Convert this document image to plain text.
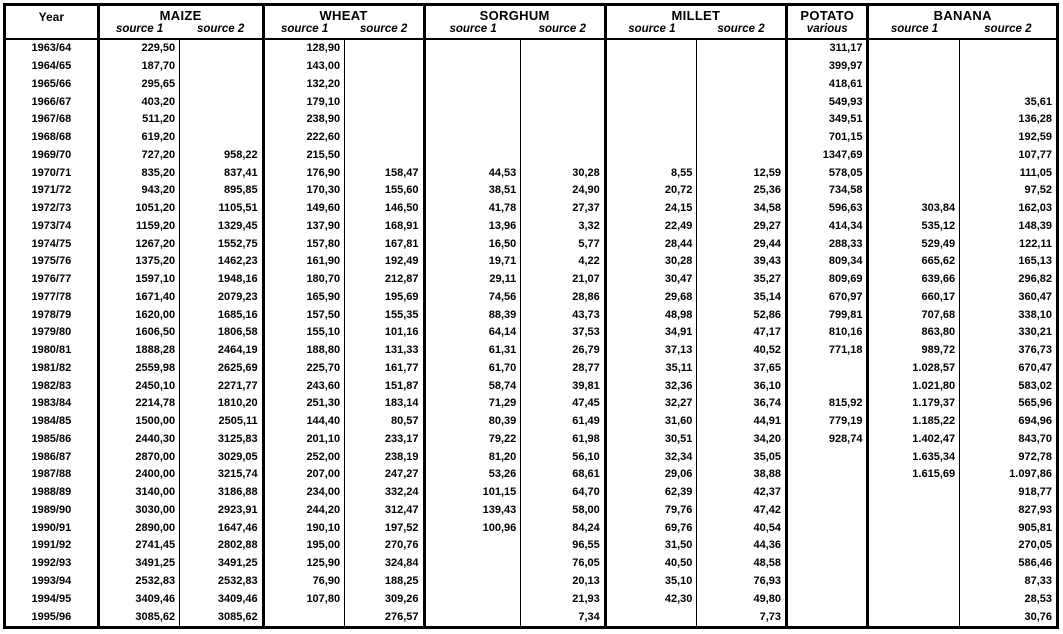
Year	MAIZE		WHEAT		SORGHUM		MILLET		POTATO	BANANA	
	source 1	source 2	source 1	source 2	source 1	source 2	source 1	source 2	various	source 1	source 2
1963/64	229,50		128,90						311,17		
1964/65	187,70		143,00						399,97		
1965/66	295,65		132,20						418,61		
1966/67	403,20		179,10						549,93		35,61
1967/68	511,20		238,90						349,51		136,28
1968/68	619,20		222,60						701,15		192,59
1969/70	727,20	958,22	215,50						1347,69		107,77
1970/71	835,20	837,41	176,90	158,47	44,53	30,28	8,55	12,59	578,05		111,05
1971/72	943,20	895,85	170,30	155,60	38,51	24,90	20,72	25,36	734,58		97,52
1972/73	1051,20	1105,51	149,60	146,50	41,78	27,37	24,15	34,58	596,63	303,84	162,03
1973/74	1159,20	1329,45	137,90	168,91	13,96	3,32	22,49	29,27	414,34	535,12	148,39
1974/75	1267,20	1552,75	157,80	167,81	16,50	5,77	28,44	29,44	288,33	529,49	122,11
1975/76	1375,20	1462,23	161,90	192,49	19,71	4,22	30,28	39,43	809,34	665,62	165,13
1976/77	1597,10	1948,16	180,70	212,87	29,11	21,07	30,47	35,27	809,69	639,66	296,82
1977/78	1671,40	2079,23	165,90	195,69	74,56	28,86	29,68	35,14	670,97	660,17	360,47
1978/79	1620,00	1685,16	157,50	155,35	88,39	43,73	48,98	52,86	799,81	707,68	338,10
1979/80	1606,50	1806,58	155,10	101,16	64,14	37,53	34,91	47,17	810,16	863,80	330,21
1980/81	1888,28	2464,19	188,80	131,33	61,31	26,79	37,13	40,52	771,18	989,72	376,73
1981/82	2559,98	2625,69	225,70	161,77	61,70	28,77	35,11	37,65		1.028,57	670,47
1982/83	2450,10	2271,77	243,60	151,87	58,74	39,81	32,36	36,10		1.021,80	583,02
1983/84	2214,78	1810,20	251,30	183,14	71,29	47,45	32,27	36,74	815,92	1.179,37	565,96
1984/85	1500,00	2505,11	144,40	80,57	80,39	61,49	31,60	44,91	779,19	1.185,22	694,96
1985/86	2440,30	3125,83	201,10	233,17	79,22	61,98	30,51	34,20	928,74	1.402,47	843,70
1986/87	2870,00	3029,05	252,00	238,19	81,20	56,10	32,34	35,05		1.635,34	972,78
1987/88	2400,00	3215,74	207,00	247,27	53,26	68,61	29,06	38,88		1.615,69	1.097,86
1988/89	3140,00	3186,88	234,00	332,24	101,15	64,70	62,39	42,37			918,77
1989/90	3030,00	2923,91	244,20	312,47	139,43	58,00	79,76	47,42			827,93
1990/91	2890,00	1647,46	190,10	197,52	100,96	84,24	69,76	40,54			905,81
1991/92	2741,45	2802,88	195,00	270,76		96,55	31,50	44,36			270,05
1992/93	3491,25	3491,25	125,90	324,84		76,05	40,50	48,58			586,46
1993/94	2532,83	2532,83	76,90	188,25		20,13	35,10	76,93			87,33
1994/95	3409,46	3409,46	107,80	309,26		21,93	42,30	49,80			28,53
1995/96	3085,62	3085,62		276,57		7,34		7,73			30,76
